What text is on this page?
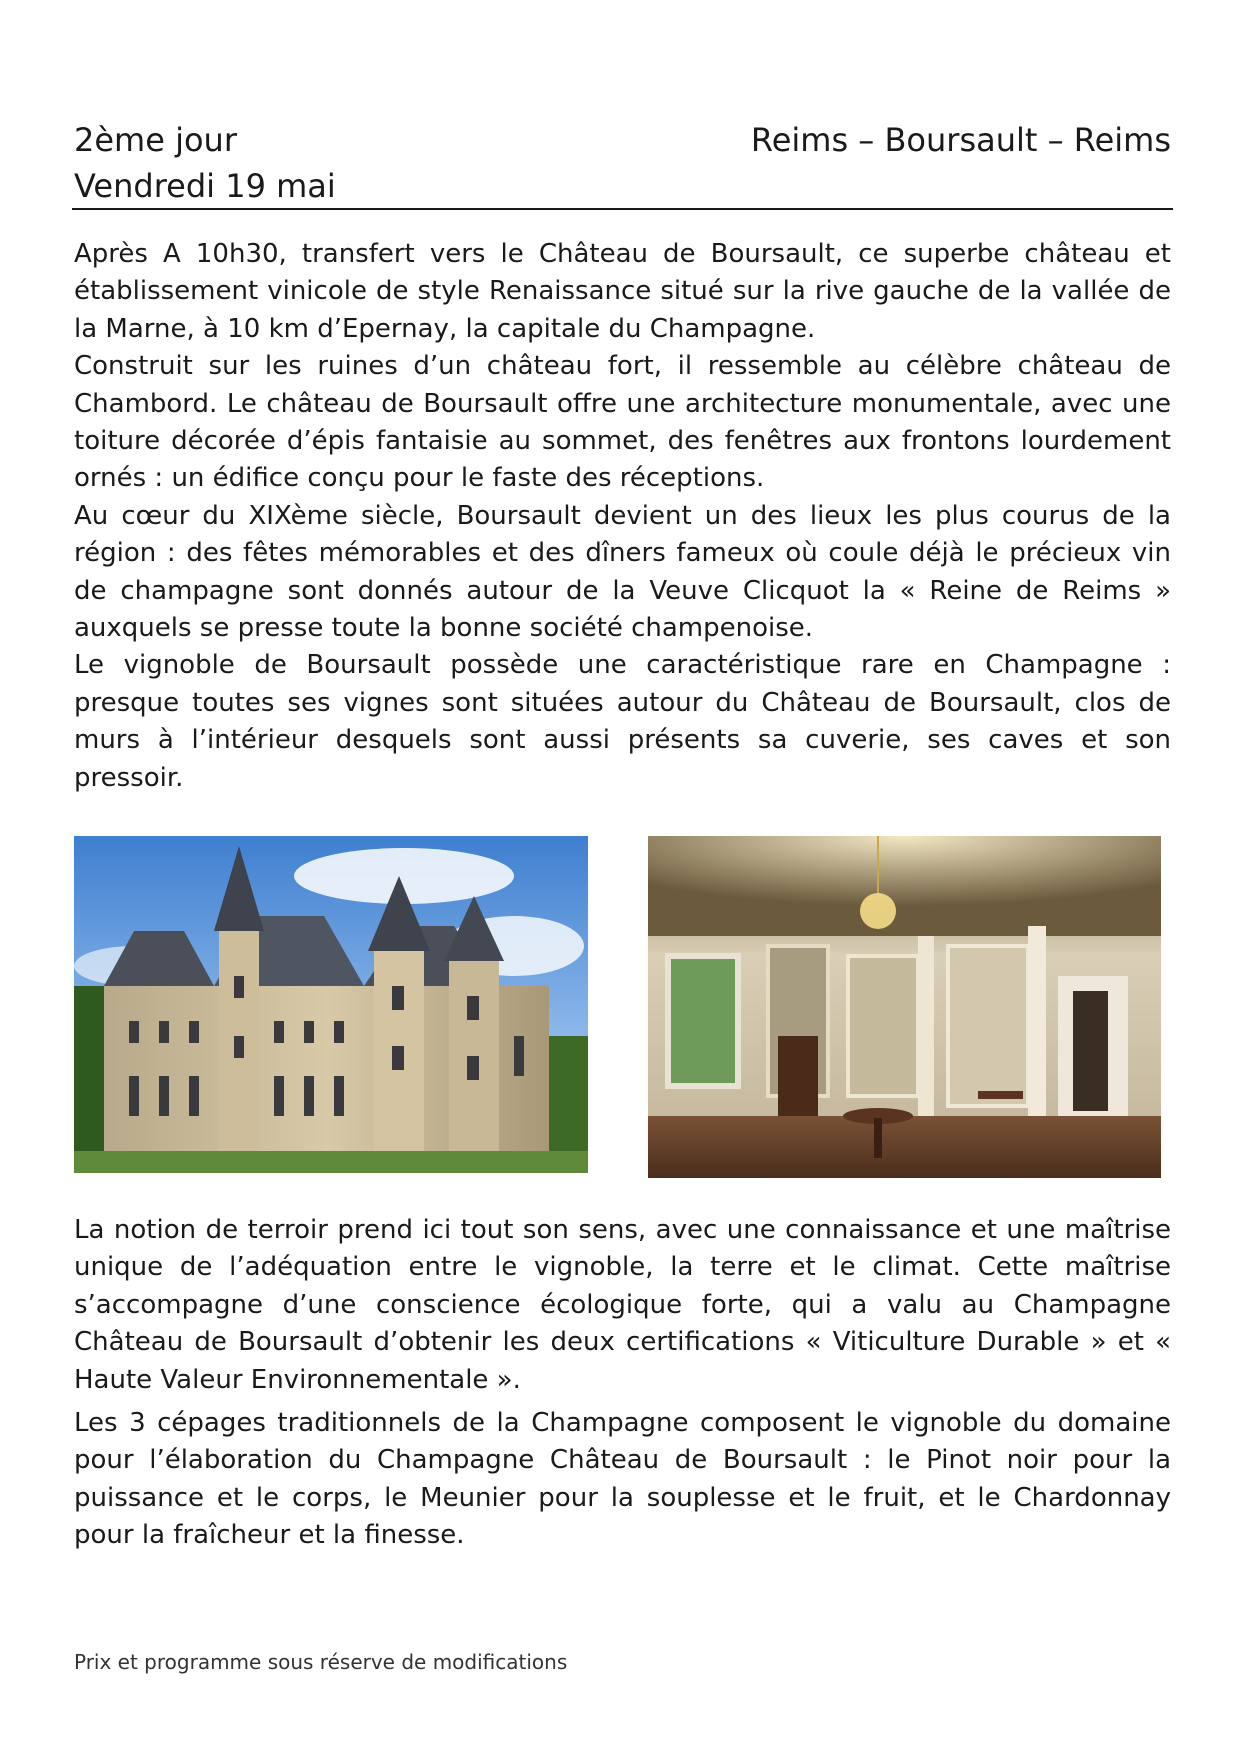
2ème jour
Vendredi 19 mai
Reims – Boursault – Reims

Après A 10h30, transfert vers le Château de Boursault, ce superbe château et établissement vinicole de style Renaissance situé sur la rive gauche de la vallée de la Marne, à 10 km d’Epernay, la capitale du Champagne.

Construit sur les ruines d’un château fort, il ressemble au célèbre château de Chambord. Le château de Boursault offre une architecture monumentale, avec une toiture décorée d’épis fantaisie au sommet, des fenêtres aux frontons lourdement ornés : un édifice conçu pour le faste des réceptions.

Au cœur du XIXème siècle, Boursault devient un des lieux les plus courus de la région : des fêtes mémorables et des dîners fameux où coule déjà le précieux vin de champagne sont donnés autour de la Veuve Clicquot la « Reine de Reims » auxquels se presse toute la bonne société champenoise.

Le vignoble de Boursault possède une caractéristique rare en Champagne : presque toutes ses vignes sont situées autour du Château de Boursault, clos de murs à l’intérieur desquels sont aussi présents sa cuverie, ses caves et son pressoir.

La notion de terroir prend ici tout son sens, avec une connaissance et une maîtrise unique de l’adéquation entre le vignoble, la terre et le climat. Cette maîtrise s’accompagne d’une conscience écologique forte, qui a valu au Champagne Château de Boursault d’obtenir les deux certifications « Viticulture Durable » et « Haute Valeur Environnementale ».

Les 3 cépages traditionnels de la Champagne composent le vignoble du domaine pour l’élaboration du Champagne Château de Boursault : le Pinot noir pour la puissance et le corps, le Meunier pour la souplesse et le fruit, et le Chardonnay pour la fraîcheur et la finesse.

Prix et programme sous réserve de modifications
